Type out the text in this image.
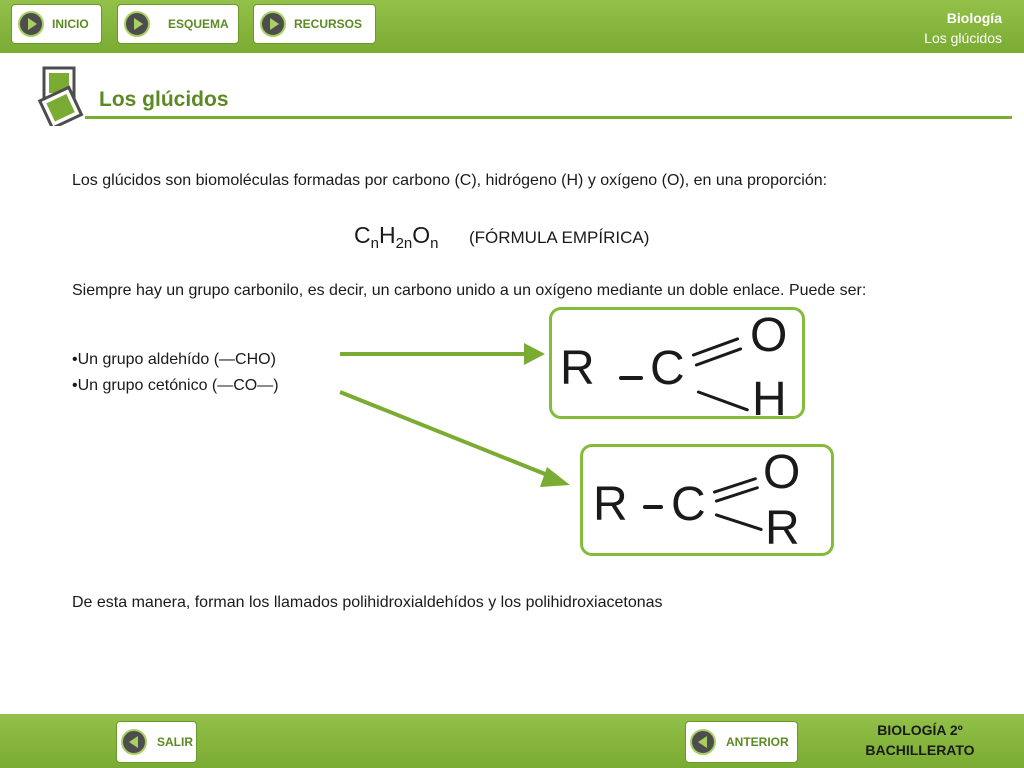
INICIO	ESQUEMA	RECURSOS	Biología
Los glúcidos
Los glúcidos
Los glúcidos son biomoléculas formadas por carbono (C), hidrógeno (H) y oxígeno (O), en una proporción:
$C_nH_{2n}O_n$ (FÓRMULA EMPÍRICA)
Siempre hay un grupo carbonilo, es decir, un carbono unido a un oxígeno mediante un doble enlace. Puede ser:
•Un grupo aldehído (—CHO)
•Un grupo cetónico (—CO—)	R C
O
H
R C
O
R
De esta manera, forman los llamados polihidroxialdehídos y los polihidroxiacetonas
SALIR	ANTERIOR
BIOLOGÍA 2º
BACHILLERATO
